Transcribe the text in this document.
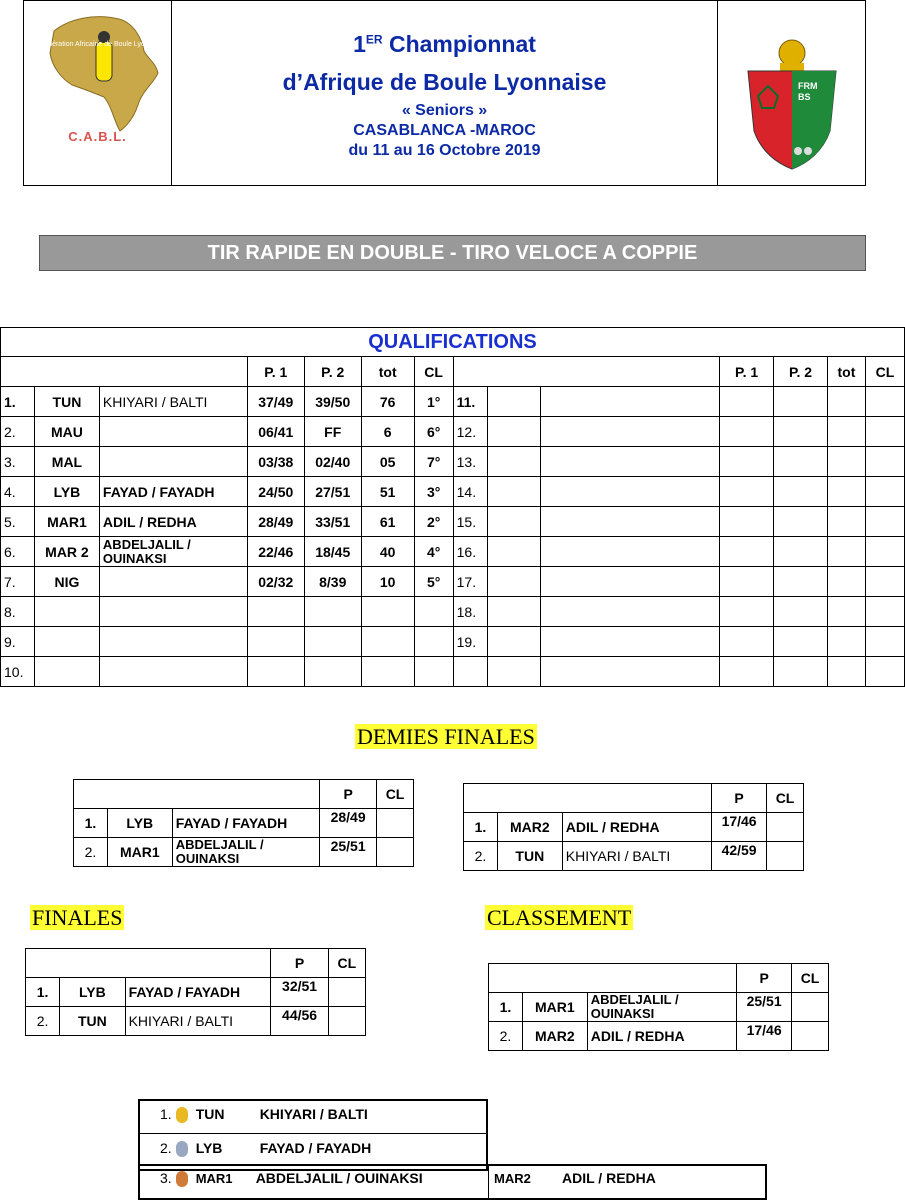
Confédération Africaine de Boule Lyonnaise
C.A.B.L.
1ER Championnat
d’Afrique de Boule Lyonnaise
« Seniors »
CASABLANCA -MAROC
du 11 au 16 Octobre 2019
FRMBS
TIR RAPIDE EN DOUBLE - TIRO VELOCE A COPPIE
QUALIFICATIONS
			P. 1	P. 2	tot	CL				P. 1	P. 2	tot	CL
1.	TUN	KHIYARI / BALTI	37/49	39/50	76	1°	11.						
2.	MAU		06/41	FF	6	6°	12.						
3.	MAL		03/38	02/40	05	7°	13.						
4.	LYB	FAYAD / FAYADH	24/50	27/51	51	3°	14.						
5.	MAR1	ADIL / REDHA	28/49	33/51	61	2°	15.						
6.	MAR 2	ABDELJALIL / OUINAKSI	22/46	18/45	40	4°	16.						
7.	NIG		02/32	8/39	10	5°	17.						
8.							18.						
9.							19.						
10.													
DEMIES FINALES
			P	CL
1.	LYB	FAYAD / FAYADH	28/49	
2.	MAR1	ABDELJALIL / OUINAKSI	25/51	
			P	CL
1.	MAR2	ADIL / REDHA	17/46	
2.	TUN	KHIYARI / BALTI	42/59	
FINALES
			P	CL
1.	LYB	FAYAD / FAYADH	32/51	
2.	TUN	KHIYARI / BALTI	44/56	
CLASSEMENT
			P	CL
1.	MAR1	ABDELJALIL / OUINAKSI	25/51	
2.	MAR2	ADIL / REDHA	17/46	
1. TUN	KHIYARI / BALTI
2. LYB	FAYAD / FAYADH
3. MAR1 ABDELJALIL / OUINAKSI	MAR2 ADIL / REDHA
